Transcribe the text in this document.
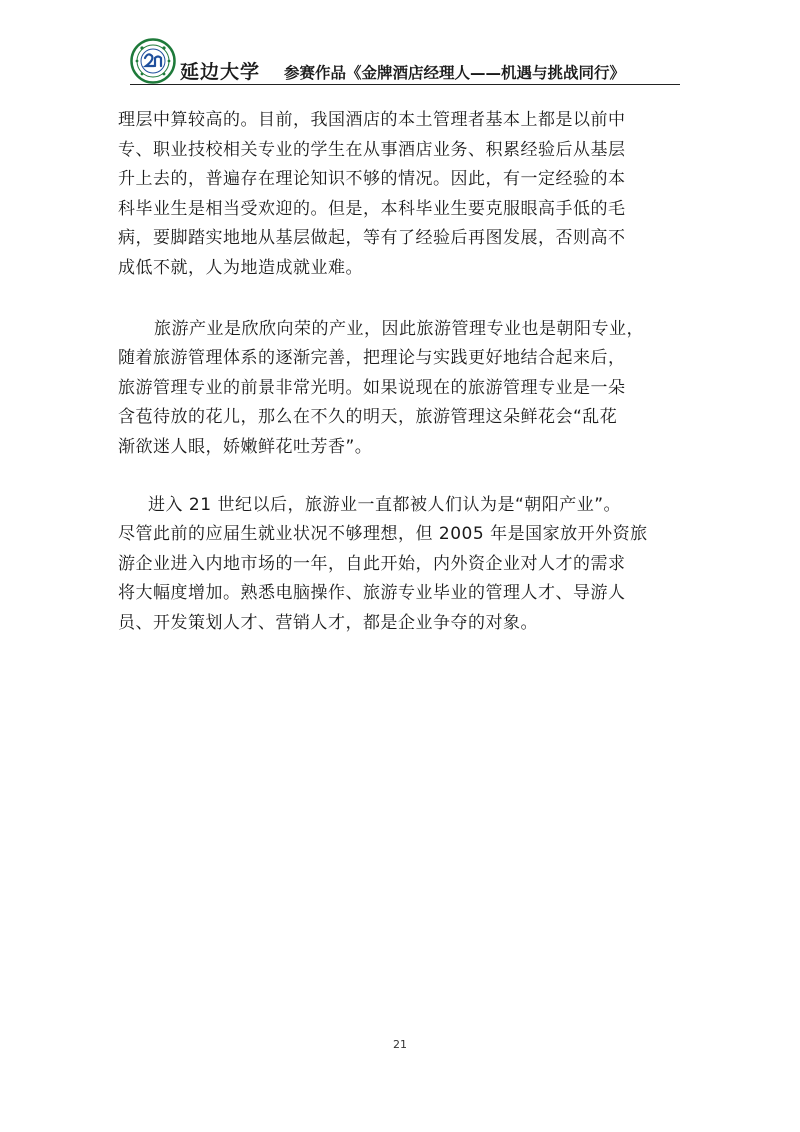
延边大学 参赛作品《金牌酒店经理人——机遇与挑战同行》

理层中算较高的。目前，我国酒店的本土管理者基本上都是以前中
专、职业技校相关专业的学生在从事酒店业务、积累经验后从基层
升上去的，普遍存在理论知识不够的情况。因此，有一定经验的本
科毕业生是相当受欢迎的。但是，本科毕业生要克服眼高手低的毛
病，要脚踏实地地从基层做起，等有了经验后再图发展，否则高不
成低不就，人为地造成就业难。

旅游产业是欣欣向荣的产业，因此旅游管理专业也是朝阳专业，
随着旅游管理体系的逐渐完善，把理论与实践更好地结合起来后，
旅游管理专业的前景非常光明。如果说现在的旅游管理专业是一朵
含苞待放的花儿，那么在不久的明天，旅游管理这朵鲜花会“乱花
渐欲迷人眼，娇嫩鲜花吐芳香”。

进入 21 世纪以后，旅游业一直都被人们认为是“朝阳产业”。
尽管此前的应届生就业状况不够理想，但 2005 年是国家放开外资旅
游企业进入内地市场的一年，自此开始，内外资企业对人才的需求
将大幅度增加。熟悉电脑操作、旅游专业毕业的管理人才、导游人
员、开发策划人才、营销人才，都是企业争夺的对象。

21
